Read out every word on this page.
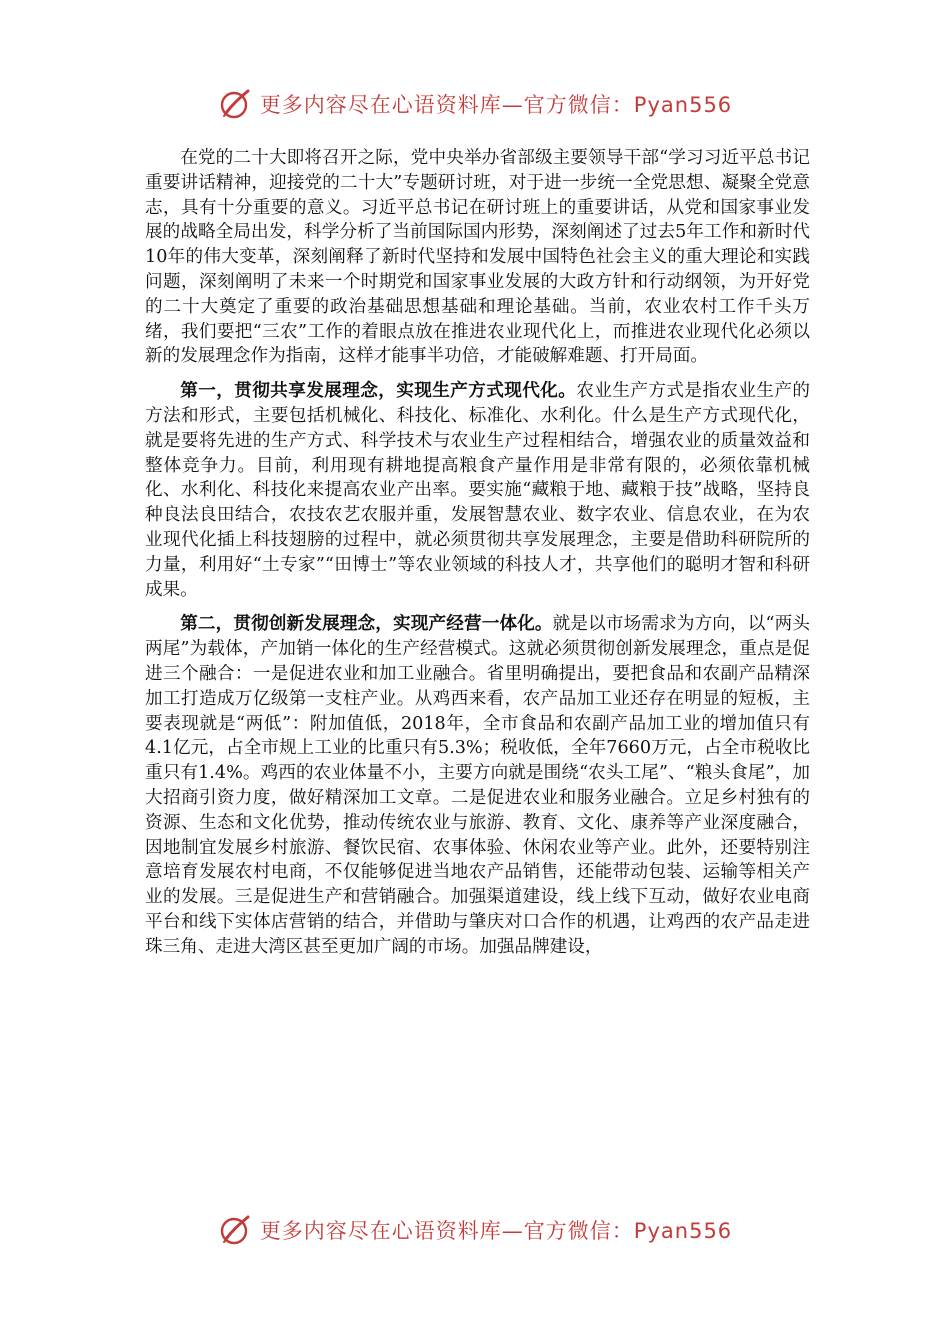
更多内容尽在心语资料库—官方微信：Pyan556

在党的二十大即将召开之际，党中央举办省部级主要领导干部“学习习近平总书记重要讲话精神，迎接党的二十大”专题研讨班，对于进一步统一全党思想、凝聚全党意志，具有十分重要的意义。习近平总书记在研讨班上的重要讲话，从党和国家事业发展的战略全局出发，科学分析了当前国际国内形势，深刻阐述了过去5年工作和新时代10年的伟大变革，深刻阐释了新时代坚持和发展中国特色社会主义的重大理论和实践问题，深刻阐明了未来一个时期党和国家事业发展的大政方针和行动纲领，为开好党的二十大奠定了重要的政治基础思想基础和理论基础。当前，农业农村工作千头万绪，我们要把“三农”工作的着眼点放在推进农业现代化上，而推进农业现代化必须以新的发展理念作为指南，这样才能事半功倍，才能破解难题、打开局面。

第一，贯彻共享发展理念，实现生产方式现代化。农业生产方式是指农业生产的方法和形式，主要包括机械化、科技化、标准化、水利化。什么是生产方式现代化，就是要将先进的生产方式、科学技术与农业生产过程相结合，增强农业的质量效益和整体竞争力。目前，利用现有耕地提高粮食产量作用是非常有限的，必须依靠机械化、水利化、科技化来提高农业产出率。要实施“藏粮于地、藏粮于技”战略，坚持良种良法良田结合，农技农艺农服并重，发展智慧农业、数字农业、信息农业，在为农业现代化插上科技翅膀的过程中，就必须贯彻共享发展理念，主要是借助科研院所的力量，利用好“土专家”“田博士”等农业领域的科技人才，共享他们的聪明才智和科研成果。

第二，贯彻创新发展理念，实现产经营一体化。就是以市场需求为方向，以“两头两尾”为载体，产加销一体化的生产经营模式。这就必须贯彻创新发展理念，重点是促进三个融合：一是促进农业和加工业融合。省里明确提出，要把食品和农副产品精深加工打造成万亿级第一支柱产业。从鸡西来看，农产品加工业还存在明显的短板，主要表现就是“两低”：附加值低，2018年，全市食品和农副产品加工业的增加值只有4.1亿元，占全市规上工业的比重只有5.3%；税收低，全年7660万元，占全市税收比重只有1.4%。鸡西的农业体量不小，主要方向就是围绕“农头工尾”、“粮头食尾”，加大招商引资力度，做好精深加工文章。二是促进农业和服务业融合。立足乡村独有的资源、生态和文化优势，推动传统农业与旅游、教育、文化、康养等产业深度融合，因地制宜发展乡村旅游、餐饮民宿、农事体验、休闲农业等产业。此外，还要特别注意培育发展农村电商，不仅能够促进当地农产品销售，还能带动包装、运输等相关产业的发展。三是促进生产和营销融合。加强渠道建设，线上线下互动，做好农业电商平台和线下实体店营销的结合，并借助与肇庆对口合作的机遇，让鸡西的农产品走进珠三角、走进大湾区甚至更加广阔的市场。加强品牌建设，

更多内容尽在心语资料库—官方微信：Pyan556
